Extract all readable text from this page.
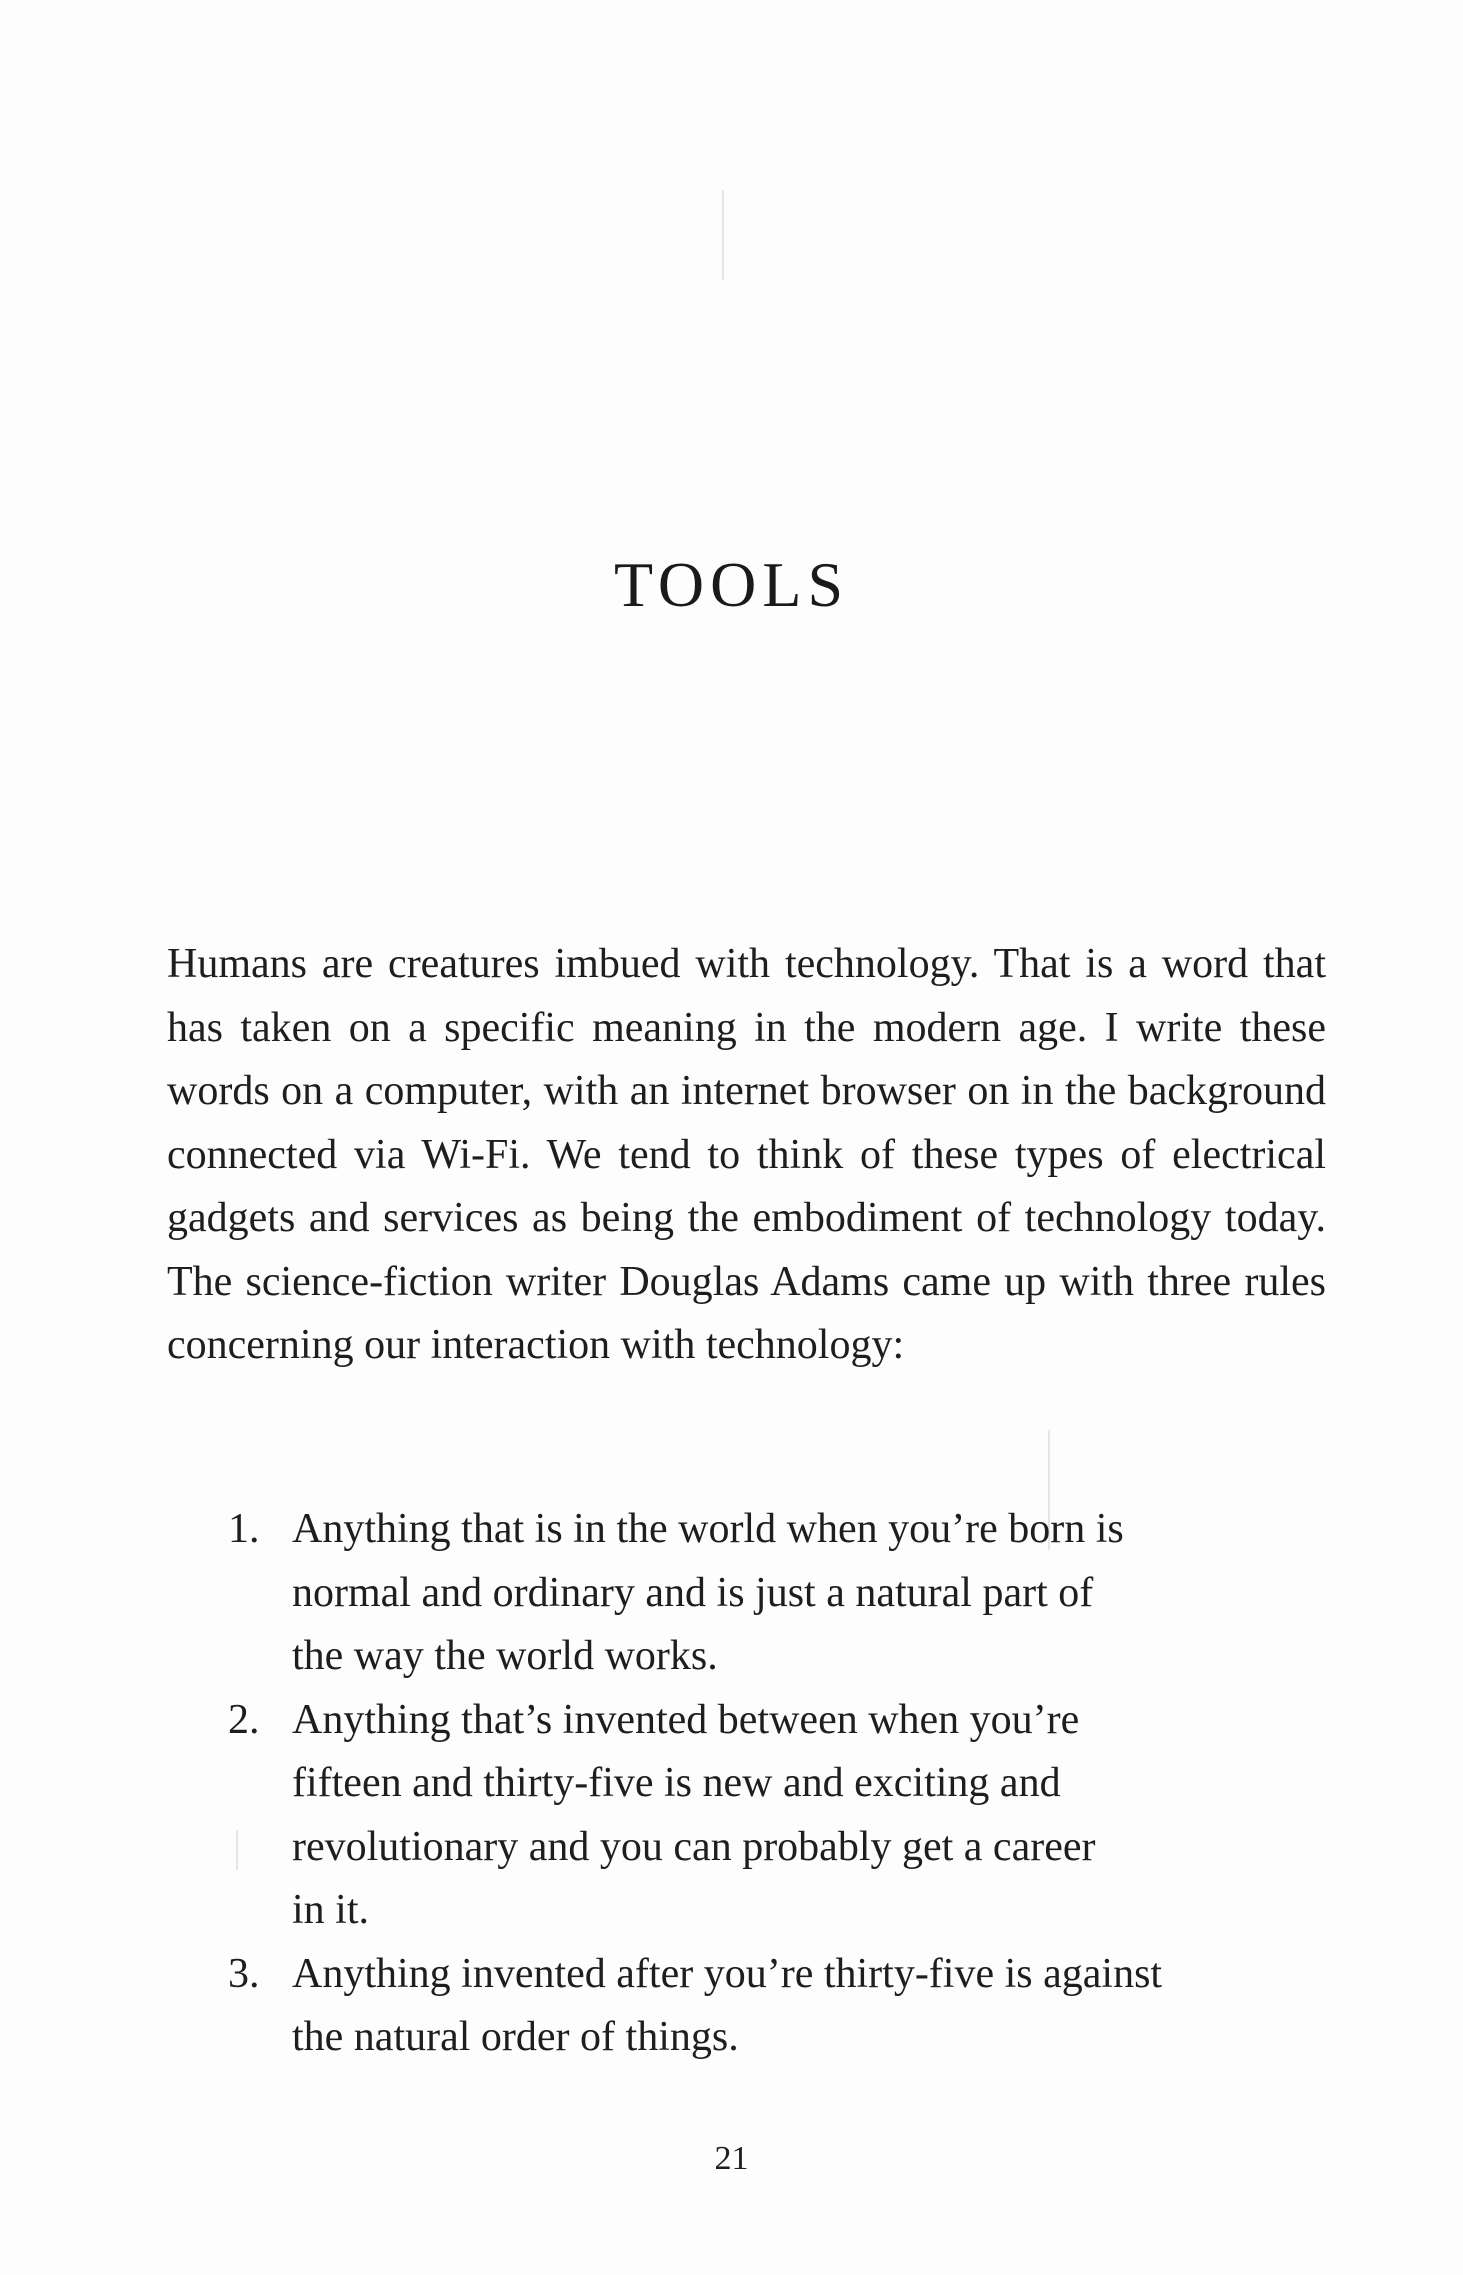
TOOLS

Humans are creatures imbued with technology. That is a word that has taken on a specific meaning in the modern age. I write these words on a computer, with an internet browser on in the background connected via Wi-Fi. We tend to think of these types of electrical gadgets and services as being the embodiment of technology today. The science-fiction writer Douglas Adams came up with three rules concerning our interaction with technology:

1. Anything that is in the world when you’re born is
normal and ordinary and is just a natural part of
the way the world works.
2. Anything that’s invented between when you’re
fifteen and thirty-five is new and exciting and
revolutionary and you can probably get a career
in it.
3. Anything invented after you’re thirty-five is against
the natural order of things.

21
